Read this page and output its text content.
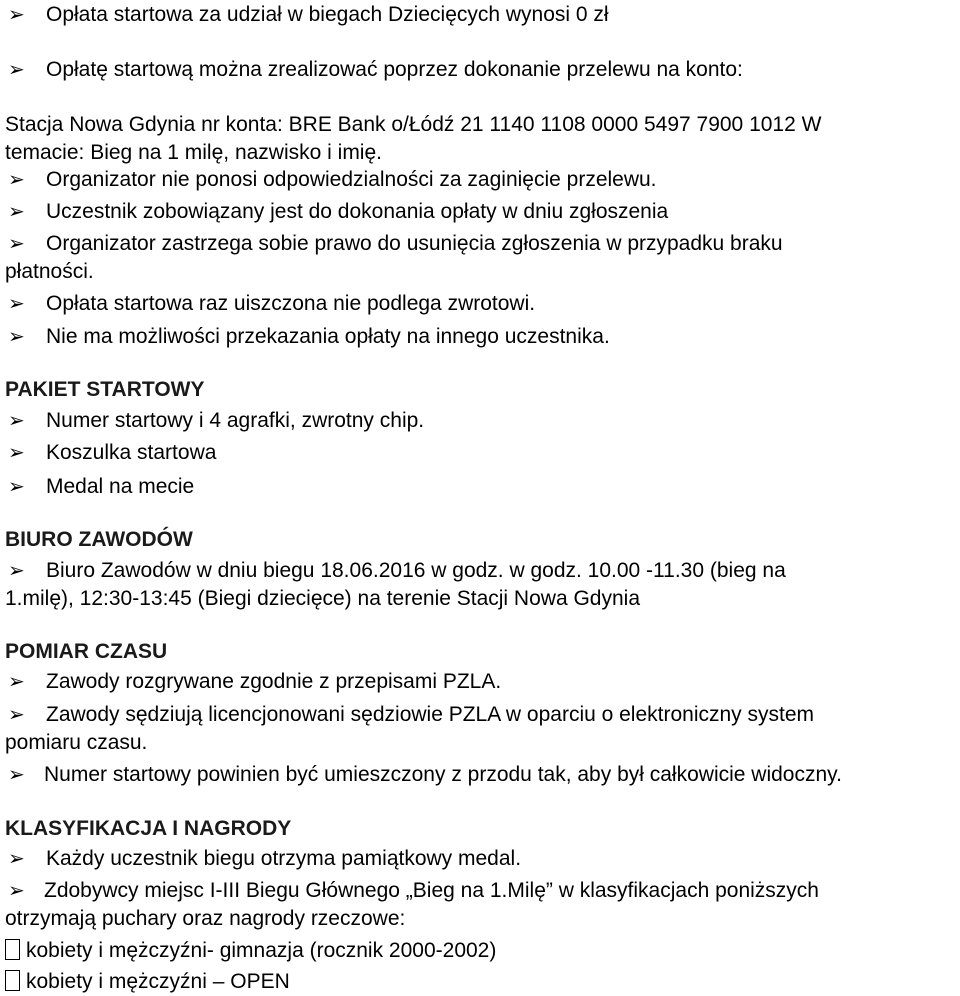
➢ Opłata startowa za udział w biegach Dziecięcych wynosi 0 zł
➢ Opłatę startową można zrealizować poprzez dokonanie przelewu na konto:
Stacja Nowa Gdynia nr konta: BRE Bank o/Łódź 21 1140 1108 0000 5497 7900 1012 W
temacie: Bieg na 1 milę, nazwisko i imię.
➢ Organizator nie ponosi odpowiedzialności za zaginięcie przelewu.
➢ Uczestnik zobowiązany jest do dokonania opłaty w dniu zgłoszenia
➢ Organizator zastrzega sobie prawo do usunięcia zgłoszenia w przypadku braku
płatności.
➢ Opłata startowa raz uiszczona nie podlega zwrotowi.
➢ Nie ma możliwości przekazania opłaty na innego uczestnika.
PAKIET STARTOWY
➢ Numer startowy i 4 agrafki, zwrotny chip.
➢ Koszulka startowa
➢ Medal na mecie
BIURO ZAWODÓW
➢ Biuro Zawodów w dniu biegu 18.06.2016 w godz. w godz. 10.00 -11.30 (bieg na
1.milę), 12:30-13:45 (Biegi dziecięce) na terenie Stacji Nowa Gdynia
POMIAR CZASU
➢ Zawody rozgrywane zgodnie z przepisami PZLA.
➢ Zawody sędziują licencjonowani sędziowie PZLA w oparciu o elektroniczny system
pomiaru czasu.
➢ Numer startowy powinien być umieszczony z przodu tak, aby był całkowicie widoczny.
KLASYFIKACJA I NAGRODY
➢ Każdy uczestnik biegu otrzyma pamiątkowy medal.
➢ Zdobywcy miejsc I-III Biegu Głównego „Bieg na 1.Milę” w klasyfikacjach poniższych
otrzymają puchary oraz nagrody rzeczowe:
kobiety i mężczyźni- gimnazja (rocznik 2000-2002)
kobiety i mężczyźni – OPEN
